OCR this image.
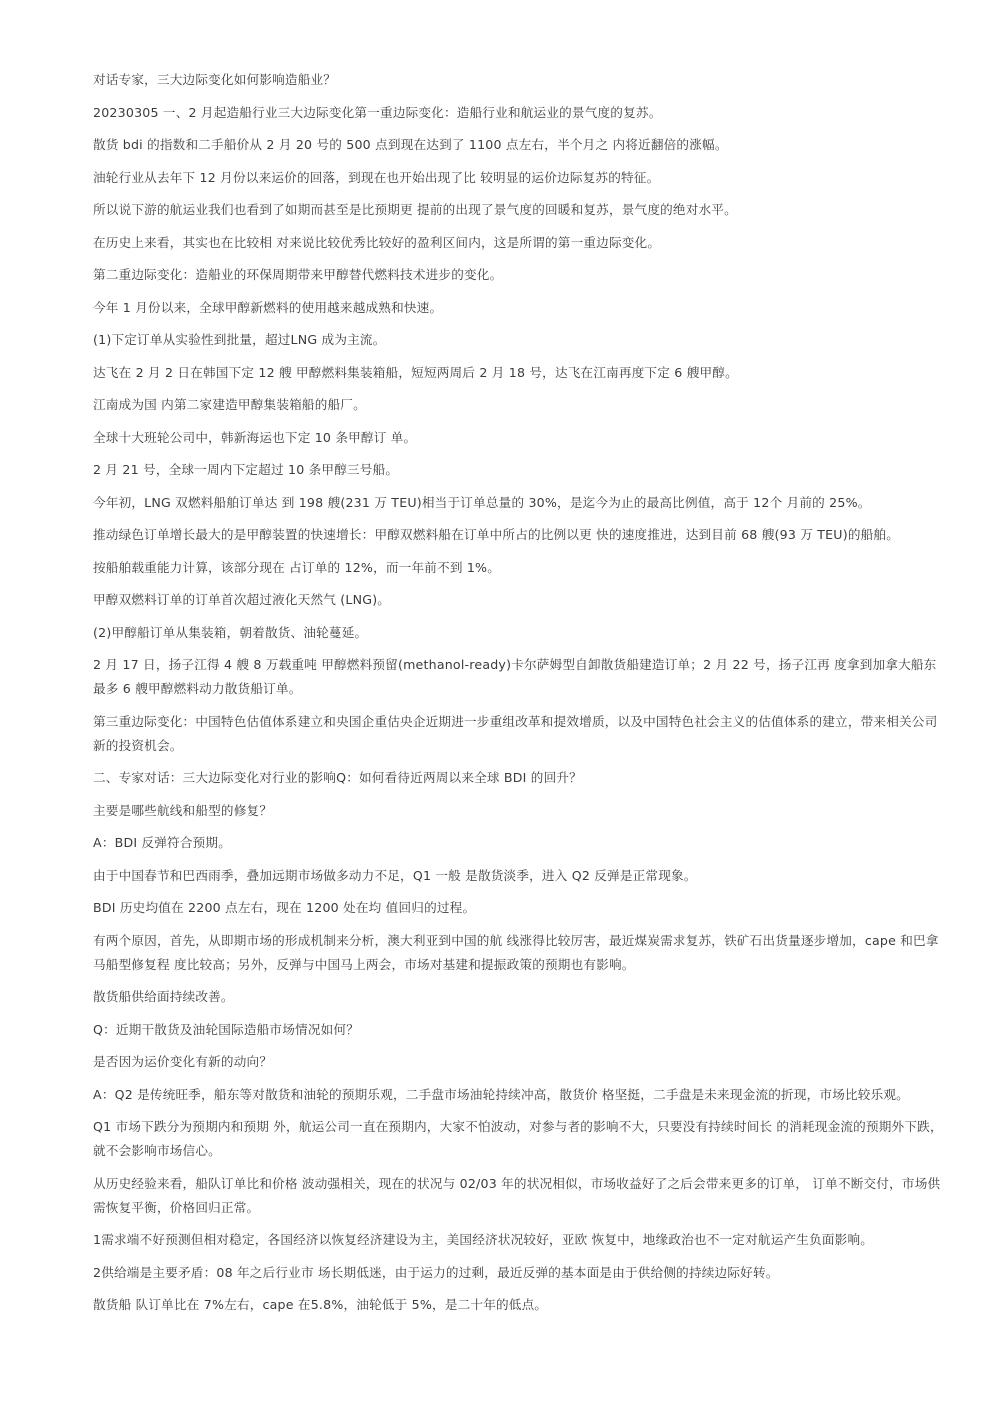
对话专家，三大边际变化如何影响造船业？

20230305 一、2 月起造船行业三大边际变化第一重边际变化：造船行业和航运业的景气度的复苏。

散货 bdi 的指数和二手船价从 2 月 20 号的 500 点到现在达到了 1100 点左右，半个月之 内将近翻倍的涨幅。

油轮行业从去年下 12 月份以来运价的回落，到现在也开始出现了比 较明显的运价边际复苏的特征。

所以说下游的航运业我们也看到了如期而甚至是比预期更 提前的出现了景气度的回暖和复苏，景气度的绝对水平。

在历史上来看，其实也在比较相 对来说比较优秀比较好的盈利区间内，这是所谓的第一重边际变化。

第二重边际变化：造船业的环保周期带来甲醇替代燃料技术进步的变化。

今年 1 月份以来，全球甲醇新燃料的使用越来越成熟和快速。

(1)下定订单从实验性到批量，超过LNG 成为主流。

达飞在 2 月 2 日在韩国下定 12 艘 甲醇燃料集装箱船，短短两周后 2 月 18 号，达飞在江南再度下定 6 艘甲醇。

江南成为国 内第二家建造甲醇集装箱船的船厂。

全球十大班轮公司中，韩新海运也下定 10 条甲醇订 单。

2 月 21 号，全球一周内下定超过 10 条甲醇三号船。

今年初，LNG 双燃料船舶订单达 到 198 艘(231 万 TEU)相当于订单总量的 30%，是迄今为止的最高比例值，高于 12个 月前的 25%。

推动绿色订单增长最大的是甲醇装置的快速增长：甲醇双燃料船在订单中所占的比例以更 快的速度推进，达到目前 68 艘(93 万 TEU)的船舶。

按船舶载重能力计算，该部分现在 占订单的 12%，而一年前不到 1%。

甲醇双燃料订单的订单首次超过液化天然气 (LNG)。

(2)甲醇船订单从集装箱，朝着散货、油轮蔓延。

2 月 17 日，扬子江得 4 艘 8 万载重吨 甲醇燃料预留(methanol-ready)卡尔萨姆型自卸散货船建造订单；2 月 22 号，扬子江再 度拿到加拿大船东最多 6 艘甲醇燃料动力散货船订单。

第三重边际变化：中国特色估值体系建立和央国企重估央企近期进一步重组改革和提效增质，以及中国特色社会主义的估值体系的建立，带来相关公司新的投资机会。

二、专家对话：三大边际变化对行业的影响Q：如何看待近两周以来全球 BDI 的回升？

主要是哪些航线和船型的修复？

A：BDI 反弹符合预期。

由于中国春节和巴西雨季，叠加远期市场做多动力不足，Q1 一般 是散货淡季，进入 Q2 反弹是正常现象。

BDI 历史均值在 2200 点左右，现在 1200 处在均 值回归的过程。

有两个原因，首先，从即期市场的形成机制来分析，澳大利亚到中国的航 线涨得比较厉害，最近煤炭需求复苏，铁矿石出货量逐步增加，cape 和巴拿马船型修复程 度比较高；另外，反弹与中国马上两会，市场对基建和提振政策的预期也有影响。

散货船供给面持续改善。

Q：近期干散货及油轮国际造船市场情况如何？

是否因为运价变化有新的动向？

A：Q2 是传统旺季，船东等对散货和油轮的预期乐观，二手盘市场油轮持续冲高，散货价 格坚挺，二手盘是未来现金流的折现，市场比较乐观。

Q1 市场下跌分为预期内和预期 外，航运公司一直在预期内，大家不怕波动，对参与者的影响不大，只要没有持续时间长 的消耗现金流的预期外下跌，就不会影响市场信心。

从历史经验来看，船队订单比和价格 波动强相关，现在的状况与 02/03 年的状况相似，市场收益好了之后会带来更多的订单， 订单不断交付，市场供需恢复平衡，价格回归正常。

1需求端不好预测但相对稳定，各国经济以恢复经济建设为主，美国经济状况较好，亚欧 恢复中，地缘政治也不一定对航运产生负面影响。

2供给端是主要矛盾：08 年之后行业市 场长期低迷，由于运力的过剩，最近反弹的基本面是由于供给侧的持续边际好转。

散货船 队订单比在 7%左右，cape 在5.8%，油轮低于 5%，是二十年的低点。
